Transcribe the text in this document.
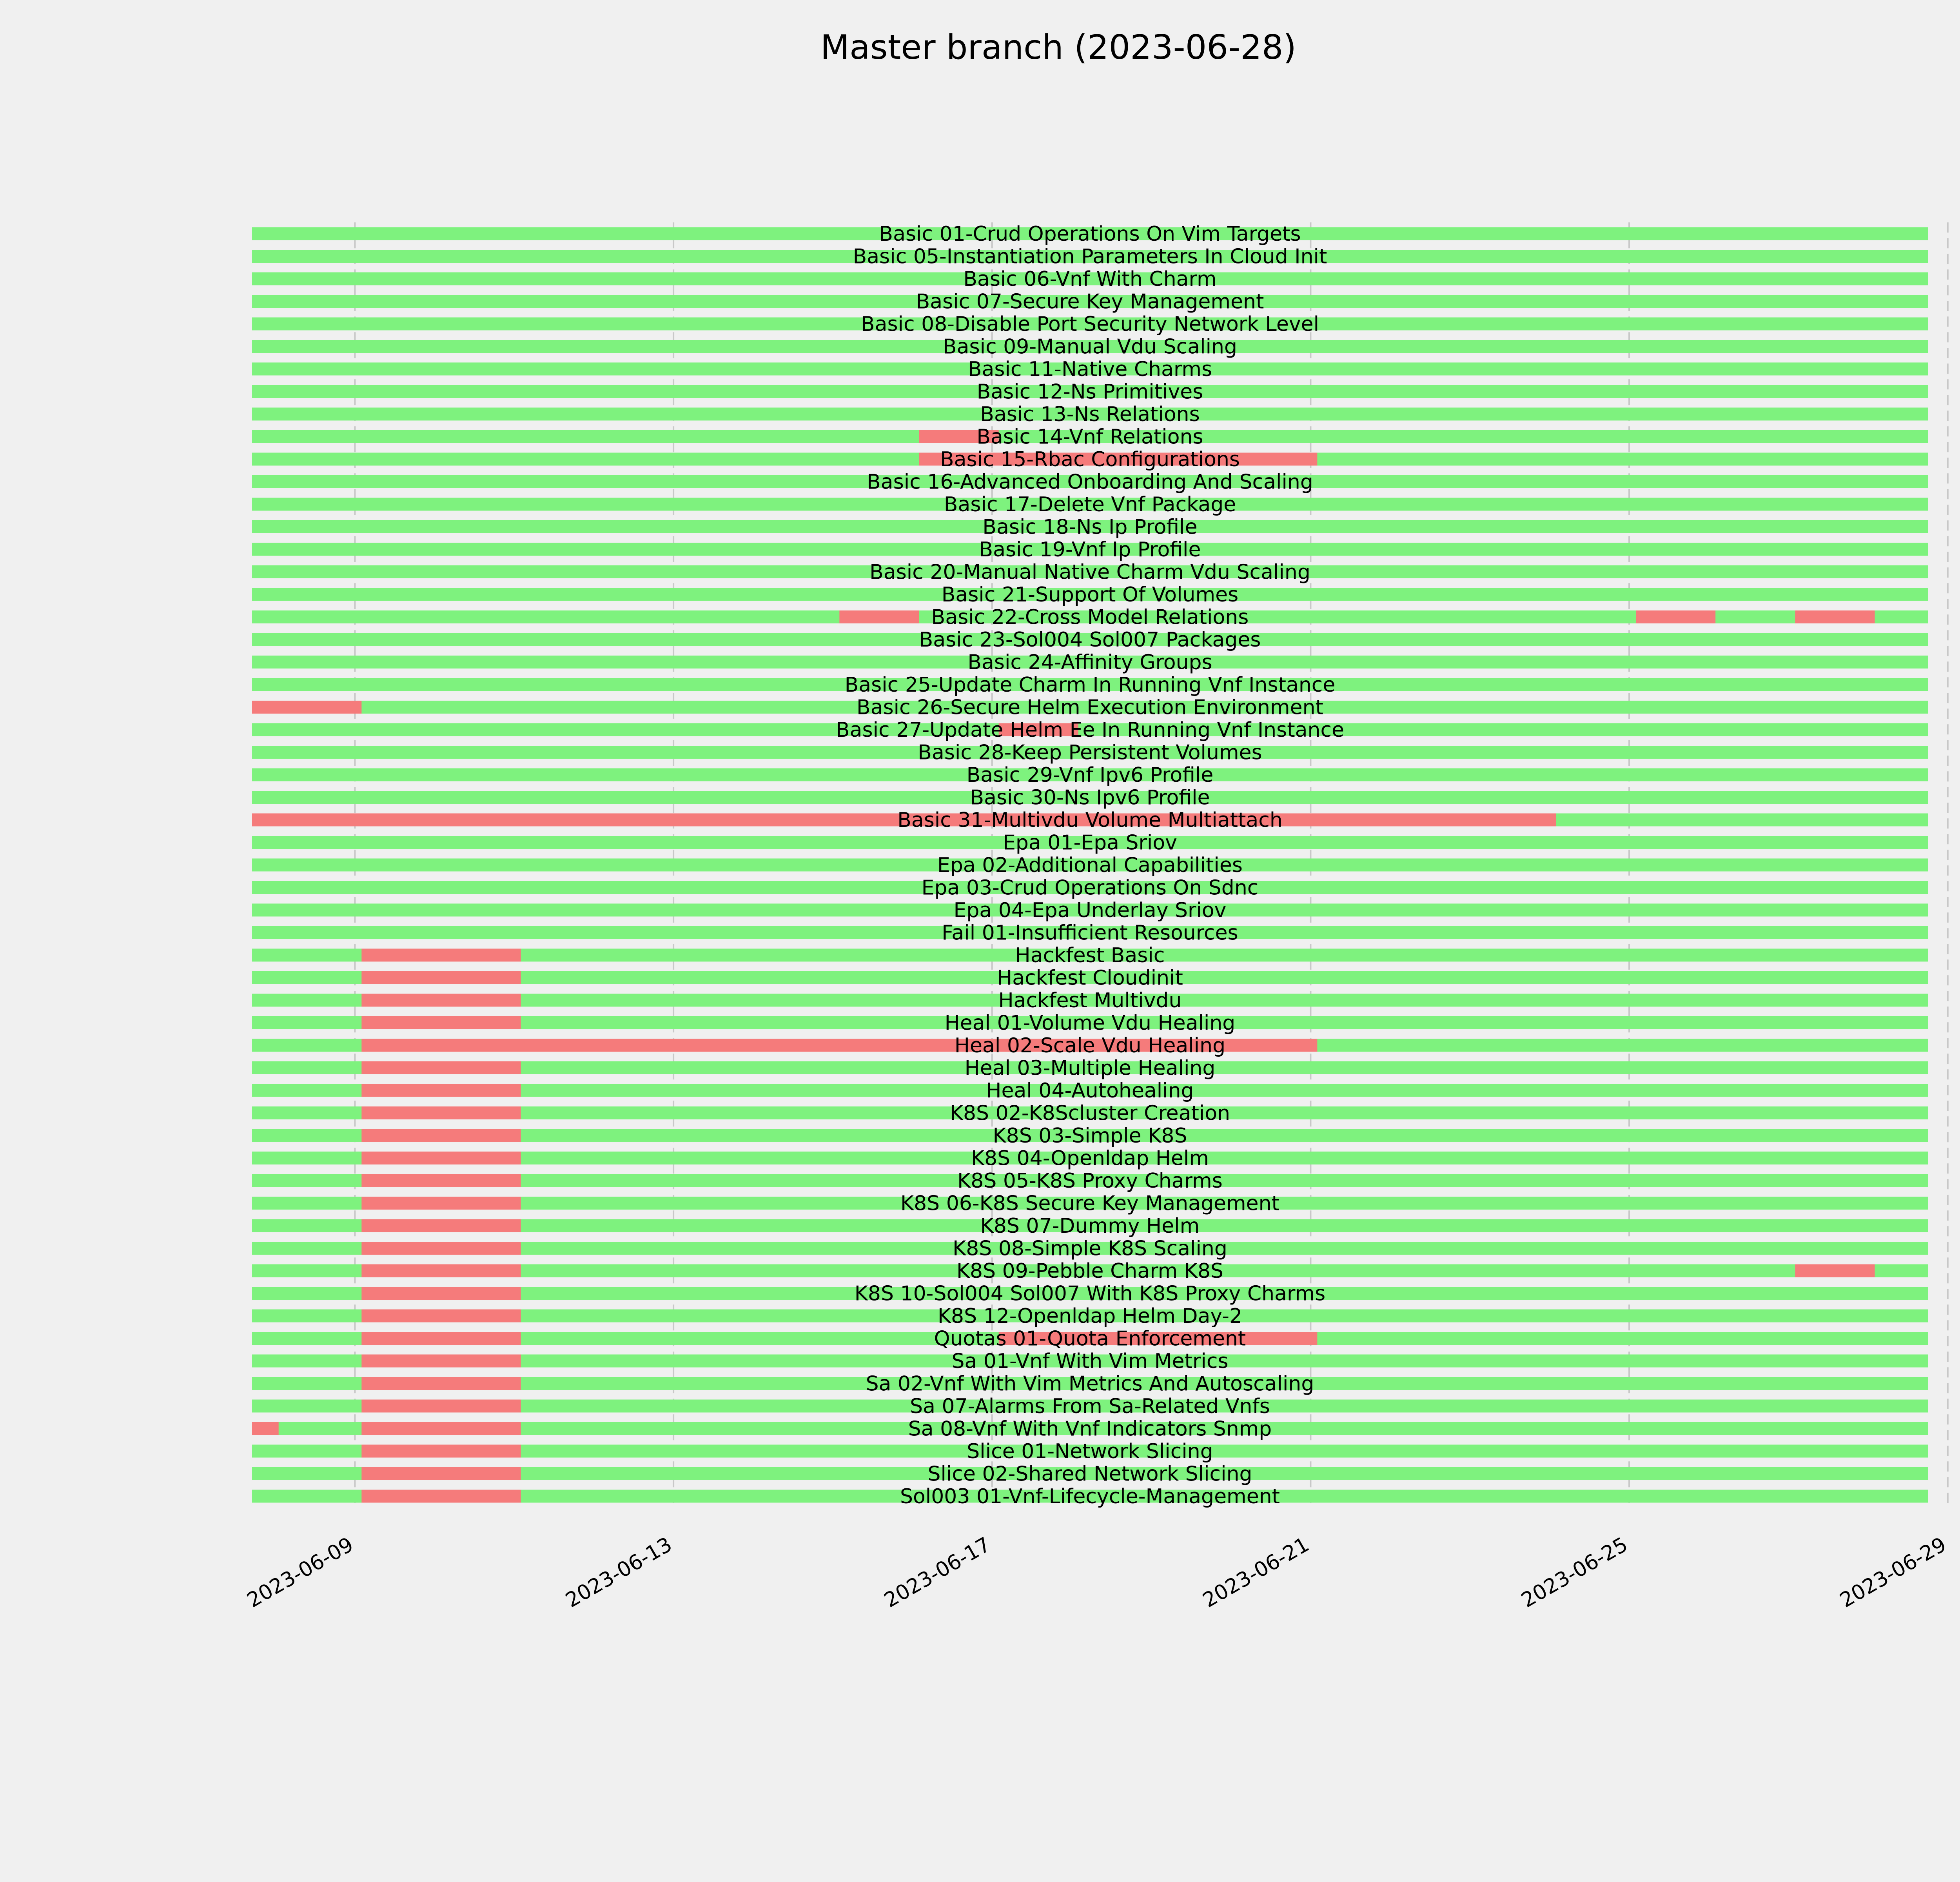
Master branch (2023-06-28)
Basic 01-Crud Operations On Vim Targets
Basic 05-Instantiation Parameters In Cloud Init
Basic 06-Vnf With Charm
Basic 07-Secure Key Management
Basic 08-Disable Port Security Network Level
Basic 09-Manual Vdu Scaling
Basic 11-Native Charms
Basic 12-Ns Primitives
Basic 13-Ns Relations
Basic 14-Vnf Relations
Basic 15-Rbac Configurations
Basic 16-Advanced Onboarding And Scaling
Basic 17-Delete Vnf Package
Basic 18-Ns Ip Profile
Basic 19-Vnf Ip Profile
Basic 20-Manual Native Charm Vdu Scaling
Basic 21-Support Of Volumes
Basic 22-Cross Model Relations
Basic 23-Sol004 Sol007 Packages
Basic 24-Affinity Groups
Basic 25-Update Charm In Running Vnf Instance
Basic 26-Secure Helm Execution Environment
Basic 27-Update Helm Ee In Running Vnf Instance
Basic 28-Keep Persistent Volumes
Basic 29-Vnf Ipv6 Profile
Basic 30-Ns Ipv6 Profile
Basic 31-Multivdu Volume Multiattach
Epa 01-Epa Sriov
Epa 02-Additional Capabilities
Epa 03-Crud Operations On Sdnc
Epa 04-Epa Underlay Sriov
Fail 01-Insufficient Resources
Hackfest Basic
Hackfest Cloudinit
Hackfest Multivdu
Heal 01-Volume Vdu Healing
Heal 02-Scale Vdu Healing
Heal 03-Multiple Healing
Heal 04-Autohealing
K8S 02-K8Scluster Creation
K8S 03-Simple K8S
K8S 04-Openldap Helm
K8S 05-K8S Proxy Charms
K8S 06-K8S Secure Key Management
K8S 07-Dummy Helm
K8S 08-Simple K8S Scaling
K8S 09-Pebble Charm K8S
K8S 10-Sol004 Sol007 With K8S Proxy Charms
K8S 12-Openldap Helm Day-2
Quotas 01-Quota Enforcement
Sa 01-Vnf With Vim Metrics
Sa 02-Vnf With Vim Metrics And Autoscaling
Sa 07-Alarms From Sa-Related Vnfs
Sa 08-Vnf With Vnf Indicators Snmp
Slice 01-Network Slicing
Slice 02-Shared Network Slicing
Sol003 01-Vnf-Lifecycle-Management
2023-06-09	2023-06-13	2023-06-17	2023-06-21	2023-06-25	2023-06-29
